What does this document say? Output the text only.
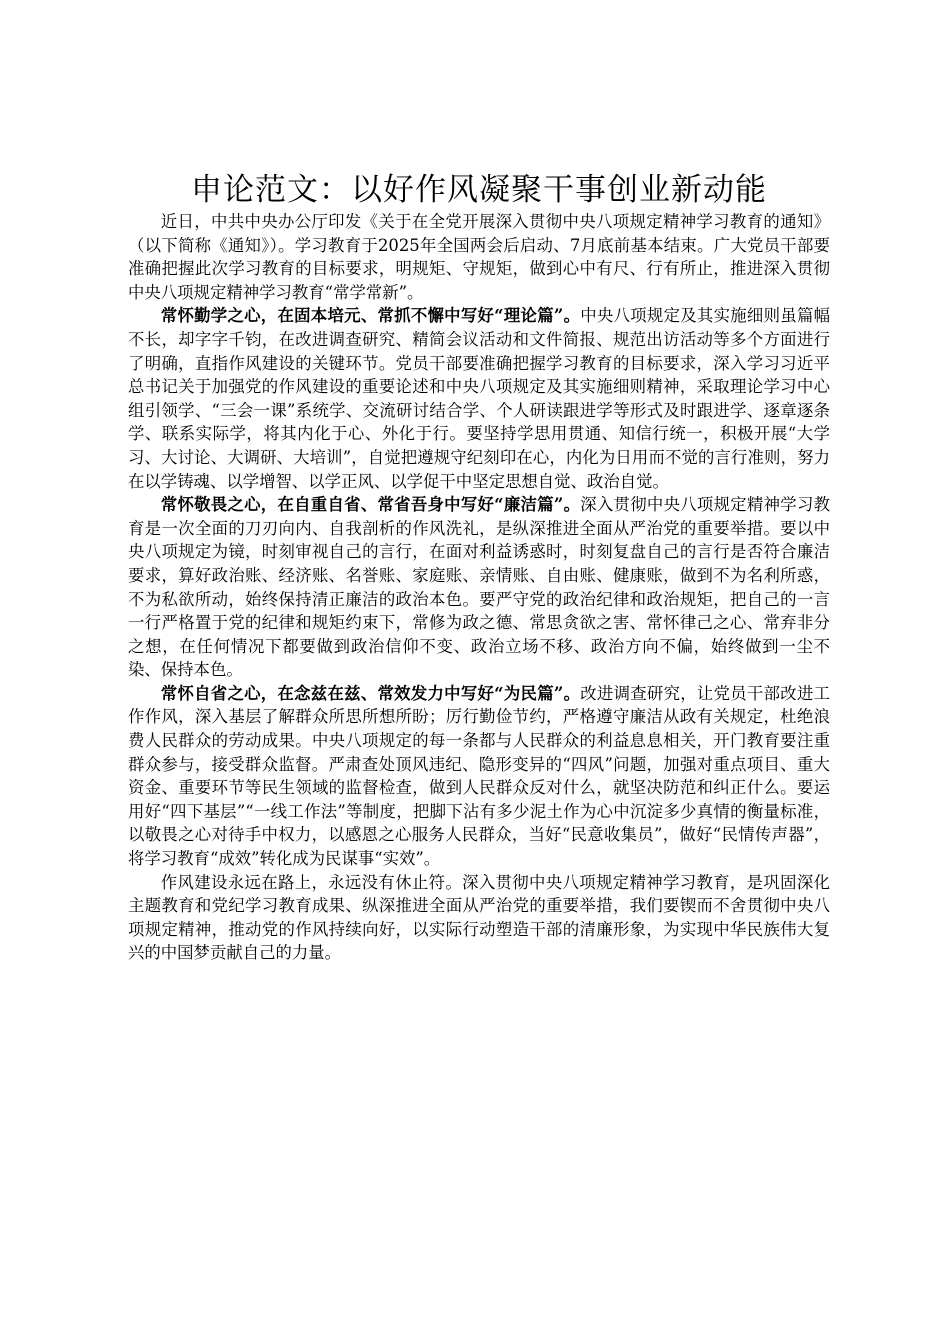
申论范文：以好作风凝聚干事创业新动能

近日，中共中央办公厅印发《关于在全党开展深入贯彻中央八项规定精神学习教育的通知》（以下简称《通知》）。学习教育于2025年全国两会后启动、7月底前基本结束。广大党员干部要准确把握此次学习教育的目标要求，明规矩、守规矩，做到心中有尺、行有所止，推进深入贯彻中央八项规定精神学习教育“常学常新”。

常怀勤学之心，在固本培元、常抓不懈中写好“理论篇”。中央八项规定及其实施细则虽篇幅不长，却字字千钧，在改进调查研究、精简会议活动和文件简报、规范出访活动等多个方面进行了明确，直指作风建设的关键环节。党员干部要准确把握学习教育的目标要求，深入学习习近平总书记关于加强党的作风建设的重要论述和中央八项规定及其实施细则精神，采取理论学习中心组引领学、“三会一课”系统学、交流研讨结合学、个人研读跟进学等形式及时跟进学、逐章逐条学、联系实际学，将其内化于心、外化于行。要坚持学思用贯通、知信行统一，积极开展“大学习、大讨论、大调研、大培训”，自觉把遵规守纪刻印在心，内化为日用而不觉的言行准则，努力在以学铸魂、以学增智、以学正风、以学促干中坚定思想自觉、政治自觉。

常怀敬畏之心，在自重自省、常省吾身中写好“廉洁篇”。深入贯彻中央八项规定精神学习教育是一次全面的刀刃向内、自我剖析的作风洗礼，是纵深推进全面从严治党的重要举措。要以中央八项规定为镜，时刻审视自己的言行，在面对利益诱惑时，时刻复盘自己的言行是否符合廉洁要求，算好政治账、经济账、名誉账、家庭账、亲情账、自由账、健康账，做到不为名利所惑，不为私欲所动，始终保持清正廉洁的政治本色。要严守党的政治纪律和政治规矩，把自己的一言一行严格置于党的纪律和规矩约束下，常修为政之德、常思贪欲之害、常怀律己之心、常弃非分之想，在任何情况下都要做到政治信仰不变、政治立场不移、政治方向不偏，始终做到一尘不染、保持本色。

常怀自省之心，在念兹在兹、常效发力中写好“为民篇”。改进调查研究，让党员干部改进工作作风，深入基层了解群众所思所想所盼；厉行勤俭节约，严格遵守廉洁从政有关规定，杜绝浪费人民群众的劳动成果。中央八项规定的每一条都与人民群众的利益息息相关，开门教育要注重群众参与，接受群众监督。严肃查处顶风违纪、隐形变异的“四风”问题，加强对重点项目、重大资金、重要环节等民生领域的监督检查，做到人民群众反对什么，就坚决防范和纠正什么。要运用好“四下基层”“一线工作法”等制度，把脚下沾有多少泥土作为心中沉淀多少真情的衡量标准，以敬畏之心对待手中权力，以感恩之心服务人民群众，当好“民意收集员”，做好“民情传声器”，将学习教育“成效”转化成为民谋事“实效”。

作风建设永远在路上，永远没有休止符。深入贯彻中央八项规定精神学习教育，是巩固深化主题教育和党纪学习教育成果、纵深推进全面从严治党的重要举措，我们要锲而不舍贯彻中央八项规定精神，推动党的作风持续向好，以实际行动塑造干部的清廉形象，为实现中华民族伟大复兴的中国梦贡献自己的力量。
